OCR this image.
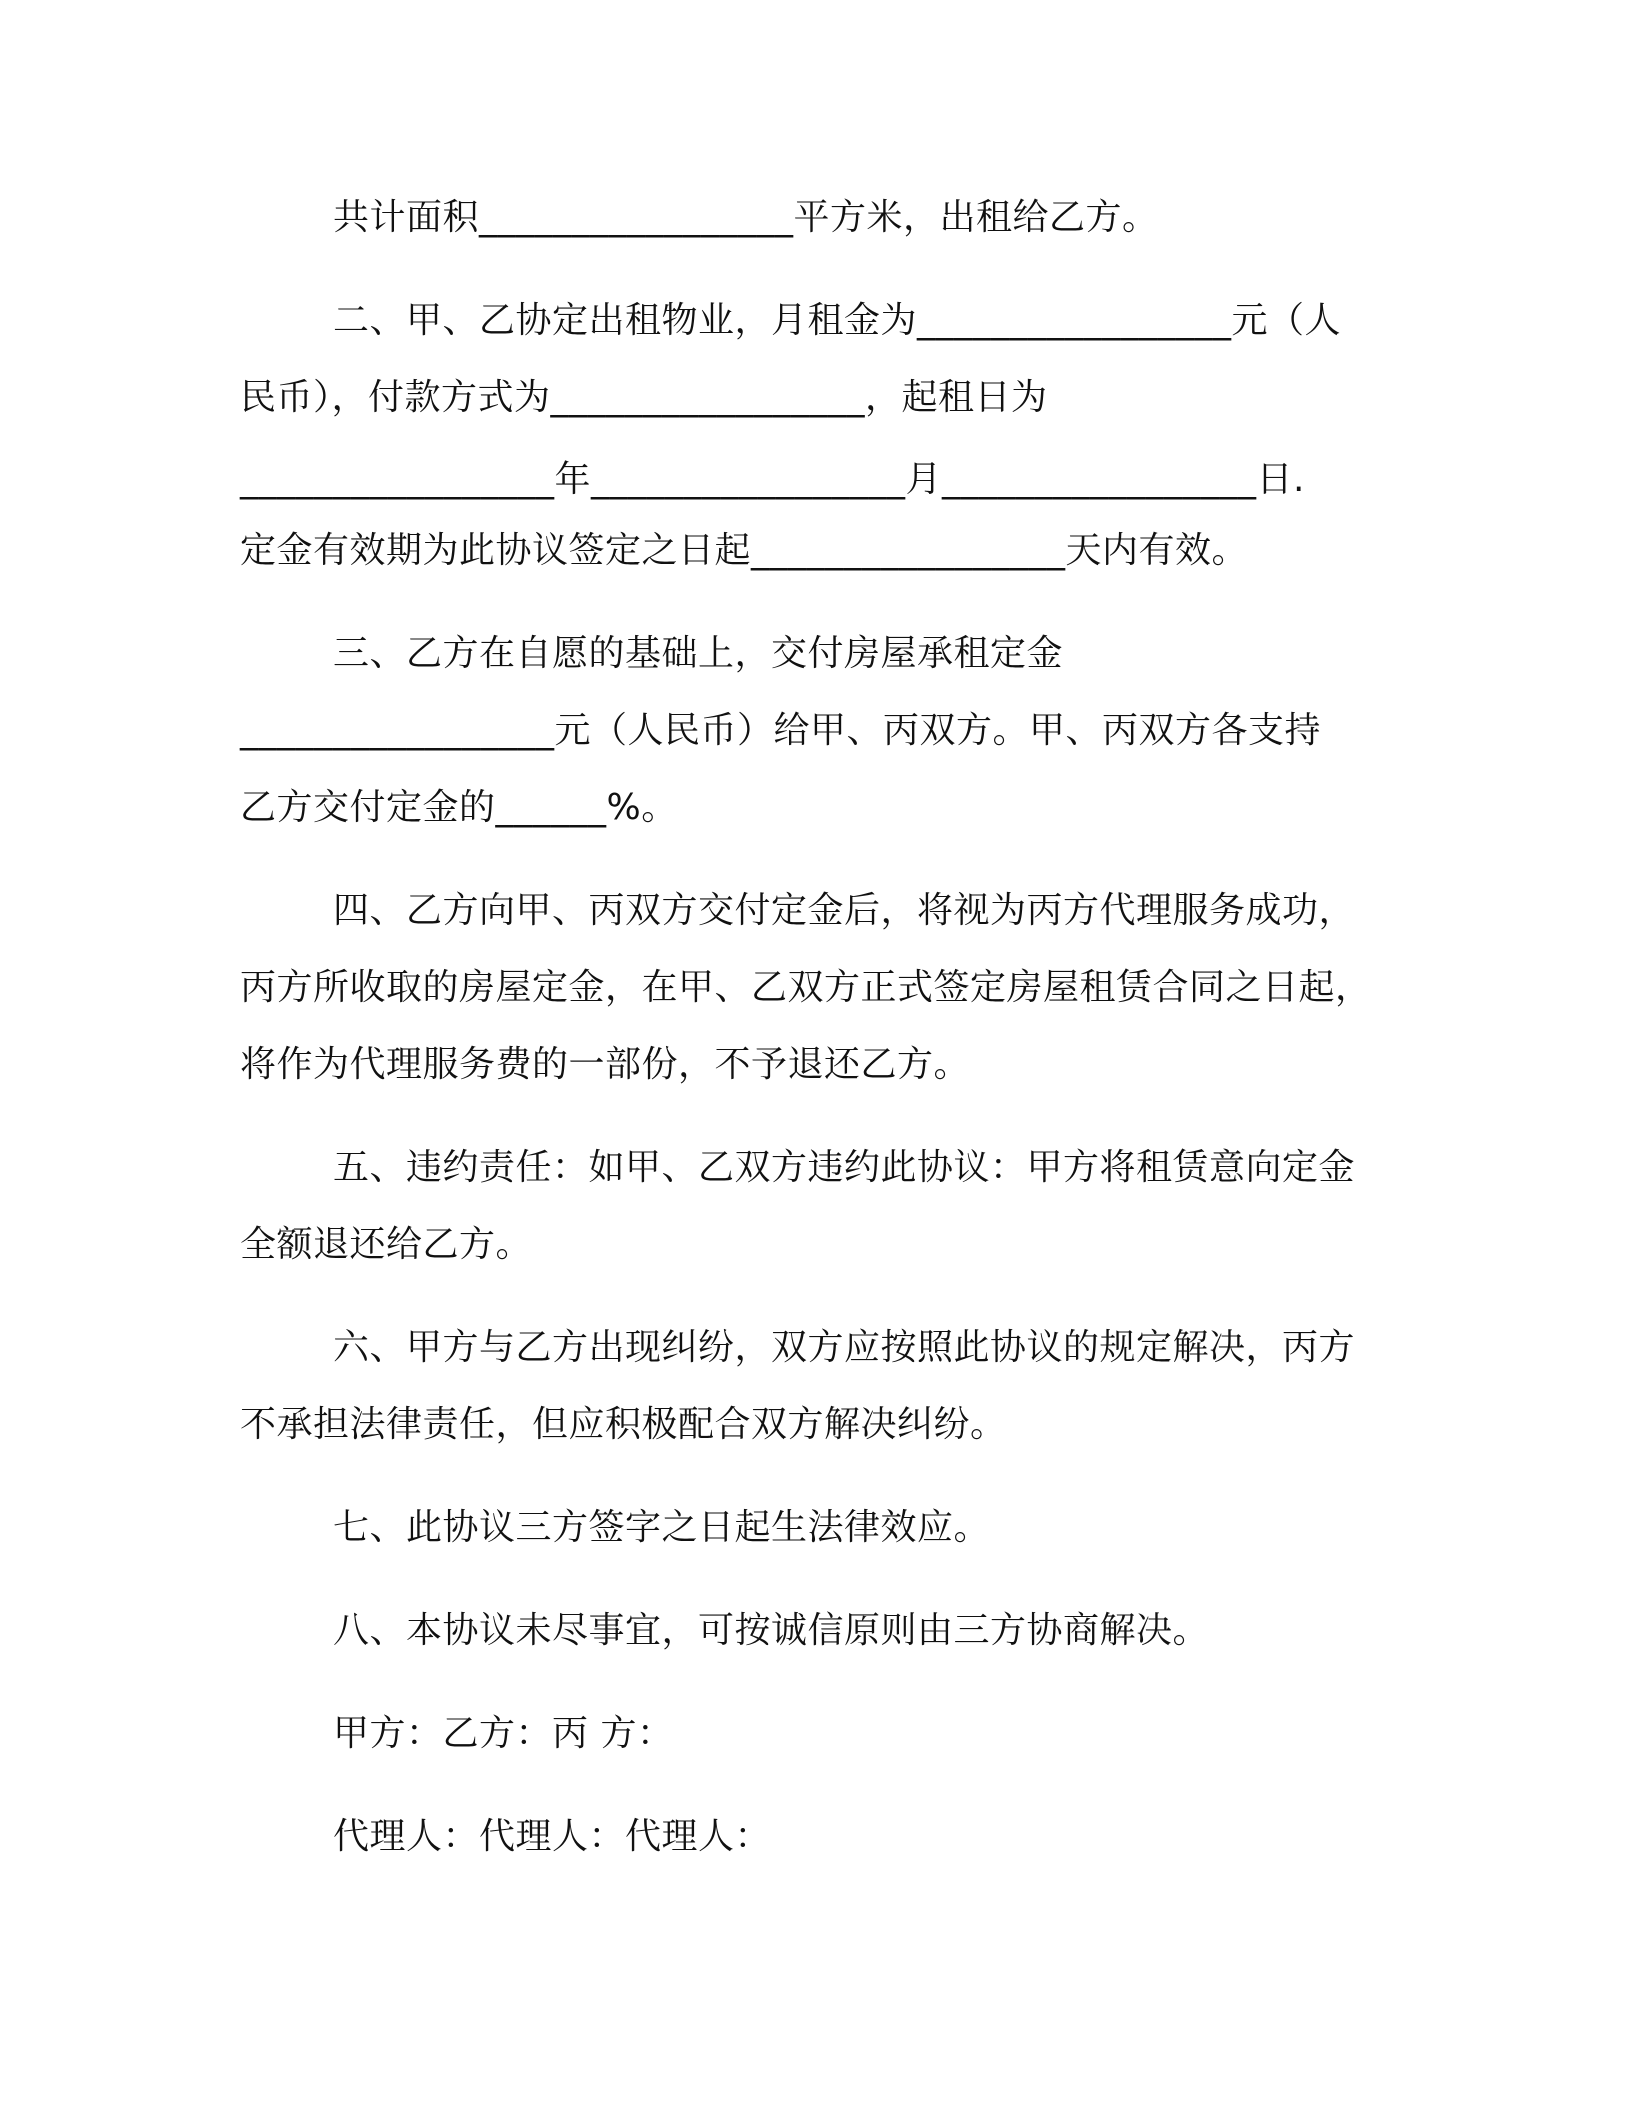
共计面积_________________平方米，出租给乙方。
二、甲、乙协定出租物业，月租金为_________________元（人
民币），付款方式为_________________，起租日为
_________________年_________________月_________________日.
定金有效期为此协议签定之日起_________________天内有效。
三、乙方在自愿的基础上，交付房屋承租定金
_________________元（人民币）给甲、丙双方。甲、丙双方各支持
乙方交付定金的______%。
四、乙方向甲、丙双方交付定金后，将视为丙方代理服务成功，
丙方所收取的房屋定金，在甲、乙双方正式签定房屋租赁合同之日起，
将作为代理服务费的一部份，不予退还乙方。
五、违约责任：如甲、乙双方违约此协议：甲方将租赁意向定金
全额退还给乙方。
六、甲方与乙方出现纠纷，双方应按照此协议的规定解决，丙方
不承担法律责任，但应积极配合双方解决纠纷。
七、此协议三方签字之日起生法律效应。
八、本协议未尽事宜，可按诚信原则由三方协商解决。
甲方：乙方：丙 方：
代理人：代理人：代理人：
